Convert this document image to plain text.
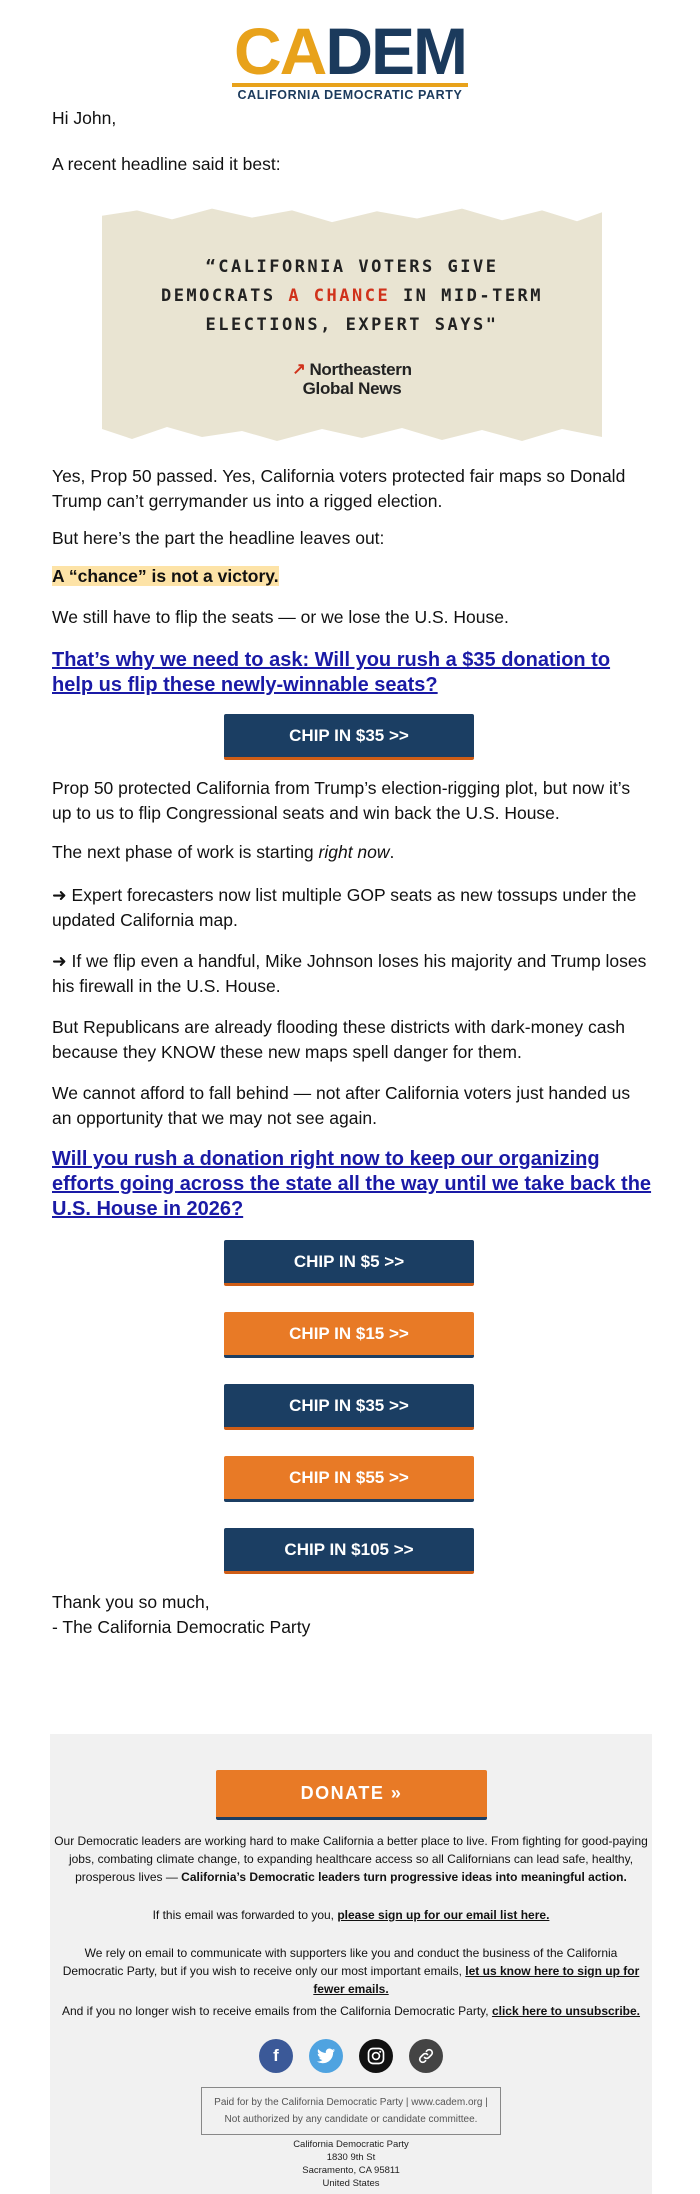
CADEM
CALIFORNIA DEMOCRATIC PARTY
Hi John,
A recent headline said it best:
“CALIFORNIA VOTERS GIVE
DEMOCRATS A CHANCE IN MID-TERM
ELECTIONS, EXPERT SAYS"
↗ Northeastern
Global News
Yes, Prop 50 passed. Yes, California voters protected fair maps so Donald Trump can’t gerrymander us into a rigged election.
But here’s the part the headline leaves out:
A “chance” is not a victory.
We still have to flip the seats — or we lose the U.S. House.
That’s why we need to ask: Will you rush a $35 donation to help us flip these newly-winnable seats?
CHIP IN $35 >>
Prop 50 protected California from Trump’s election-rigging plot, but now it’s up to us to flip Congressional seats and win back the U.S. House.
The next phase of work is starting right now.
➜ Expert forecasters now list multiple GOP seats as new tossups under the updated California map.
➜ If we flip even a handful, Mike Johnson loses his majority and Trump loses his firewall in the U.S. House.
But Republicans are already flooding these districts with dark-money cash because they KNOW these new maps spell danger for them.
We cannot afford to fall behind — not after California voters just handed us an opportunity that we may not see again.
Will you rush a donation right now to keep our organizing efforts going across the state all the way until we take back the U.S. House in 2026?
CHIP IN $5 >>
CHIP IN $15 >>
CHIP IN $35 >>
CHIP IN $55 >>
CHIP IN $105 >>
Thank you so much,
- The California Democratic Party
DONATE »
Our Democratic leaders are working hard to make California a better place to live. From fighting for good-paying jobs, combating climate change, to expanding healthcare access so all Californians can lead safe, healthy, prosperous lives — California’s Democratic leaders turn progressive ideas into meaningful action.
If this email was forwarded to you, please sign up for our email list here.
We rely on email to communicate with supporters like you and conduct the business of the California Democratic Party, but if you wish to receive only our most important emails, let us know here to sign up for fewer emails.
And if you no longer wish to receive emails from the California Democratic Party, click here to unsubscribe.
f
Paid for by the California Democratic Party | www.cadem.org |
Not authorized by any candidate or candidate committee.
California Democratic Party
1830 9th St
Sacramento, CA 95811
United States
